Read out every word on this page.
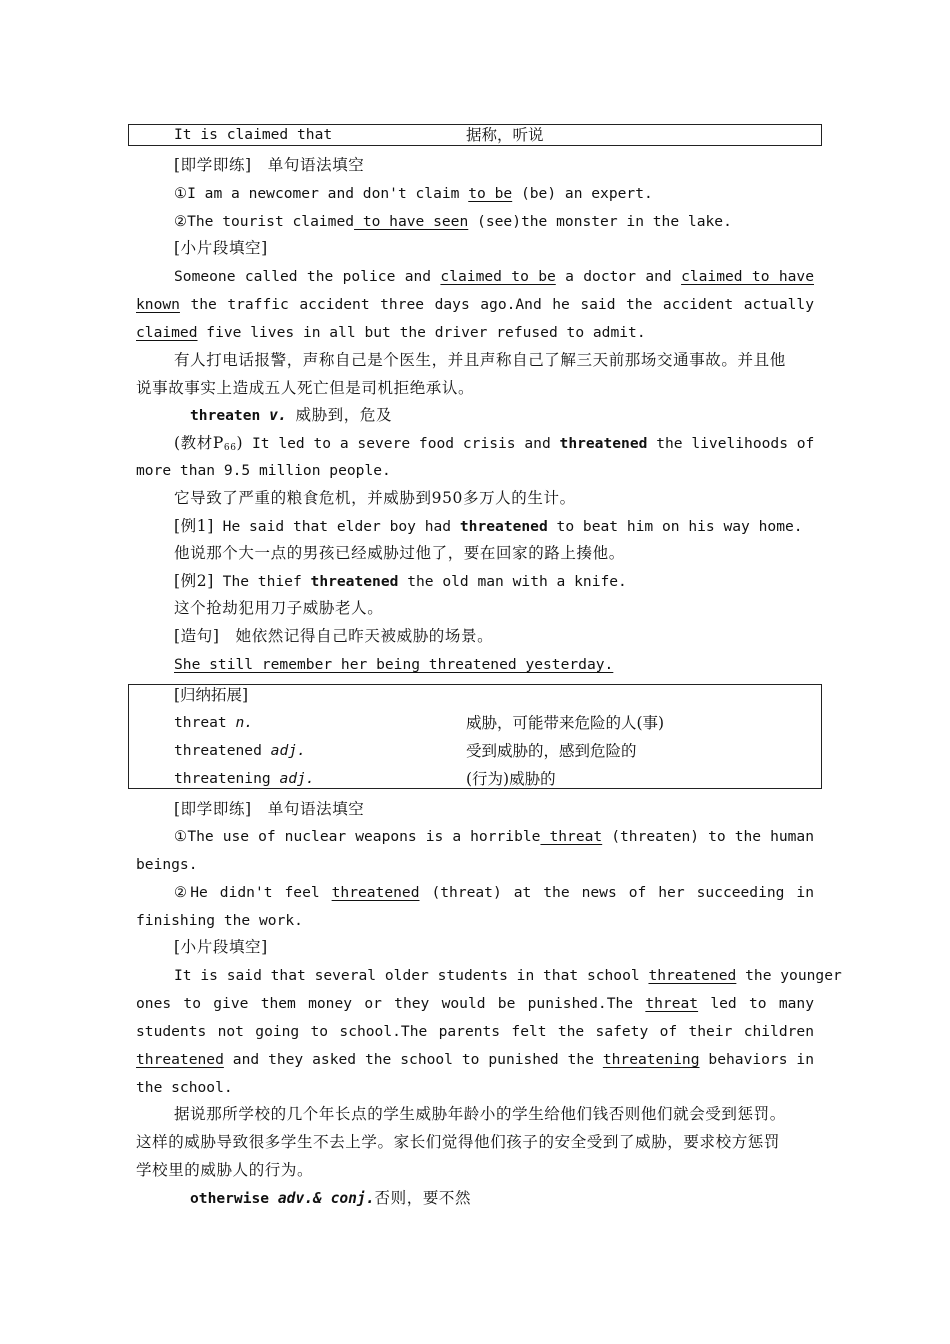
It is claimed that	据称，听说
[即学即练]　单句语法填空
①I am a newcomer and don't claim to be (be) an expert.
②The tourist claimed to have seen (see)the monster in the lake.
[小片段填空]
Someone called the police and claimed to be a doctor and claimed to have
known the traffic accident three days ago.And he said the accident actually
claimed five lives in all but the driver refused to admit.
有人打电话报警，声称自己是个医生，并且声称自己了解三天前那场交通事故。并且他
说事故事实上造成五人死亡但是司机拒绝承认。
threaten v. 威胁到，危及
(教材$P_{66}$) It led to a severe food crisis and threatened the livelihoods of
more than 9.5 million people.
它导致了严重的粮食危机，并威胁到950多万人的生计。
[例1] He said that elder boy had threatened to beat him on his way home.
他说那个大一点的男孩已经威胁过他了，要在回家的路上揍他。
[例2] The thief threatened the old man with a knife.
这个抢劫犯用刀子威胁老人。
[造句]　 她依然记得自己昨天被威胁的场景。
She still remember her being threatened yesterday.
[归纳拓展]
threat n.	威胁，可能带来危险的人(事)
threatened adj.	受到威胁的，感到危险的
threatening adj.	(行为)威胁的
[即学即练]　单句语法填空
①The use of nuclear weapons is a horrible threat (threaten) to the human
beings.
②He didn't feel threatened (threat) at the news of her succeeding in
finishing the work.
[小片段填空]
It is said that several older students in that school threatened the younger
ones to give them money or they would be punished.The threat led to many
students not going to school.The parents felt the safety of their children
threatened and they asked the school to punished the threatening behaviors in
the school.
据说那所学校的几个年长点的学生威胁年龄小的学生给他们钱否则他们就会受到惩罚。
这样的威胁导致很多学生不去上学。家长们觉得他们孩子的安全受到了威胁，要求校方惩罚
学校里的威胁人的行为。
otherwise adv.& conj.否则，要不然
